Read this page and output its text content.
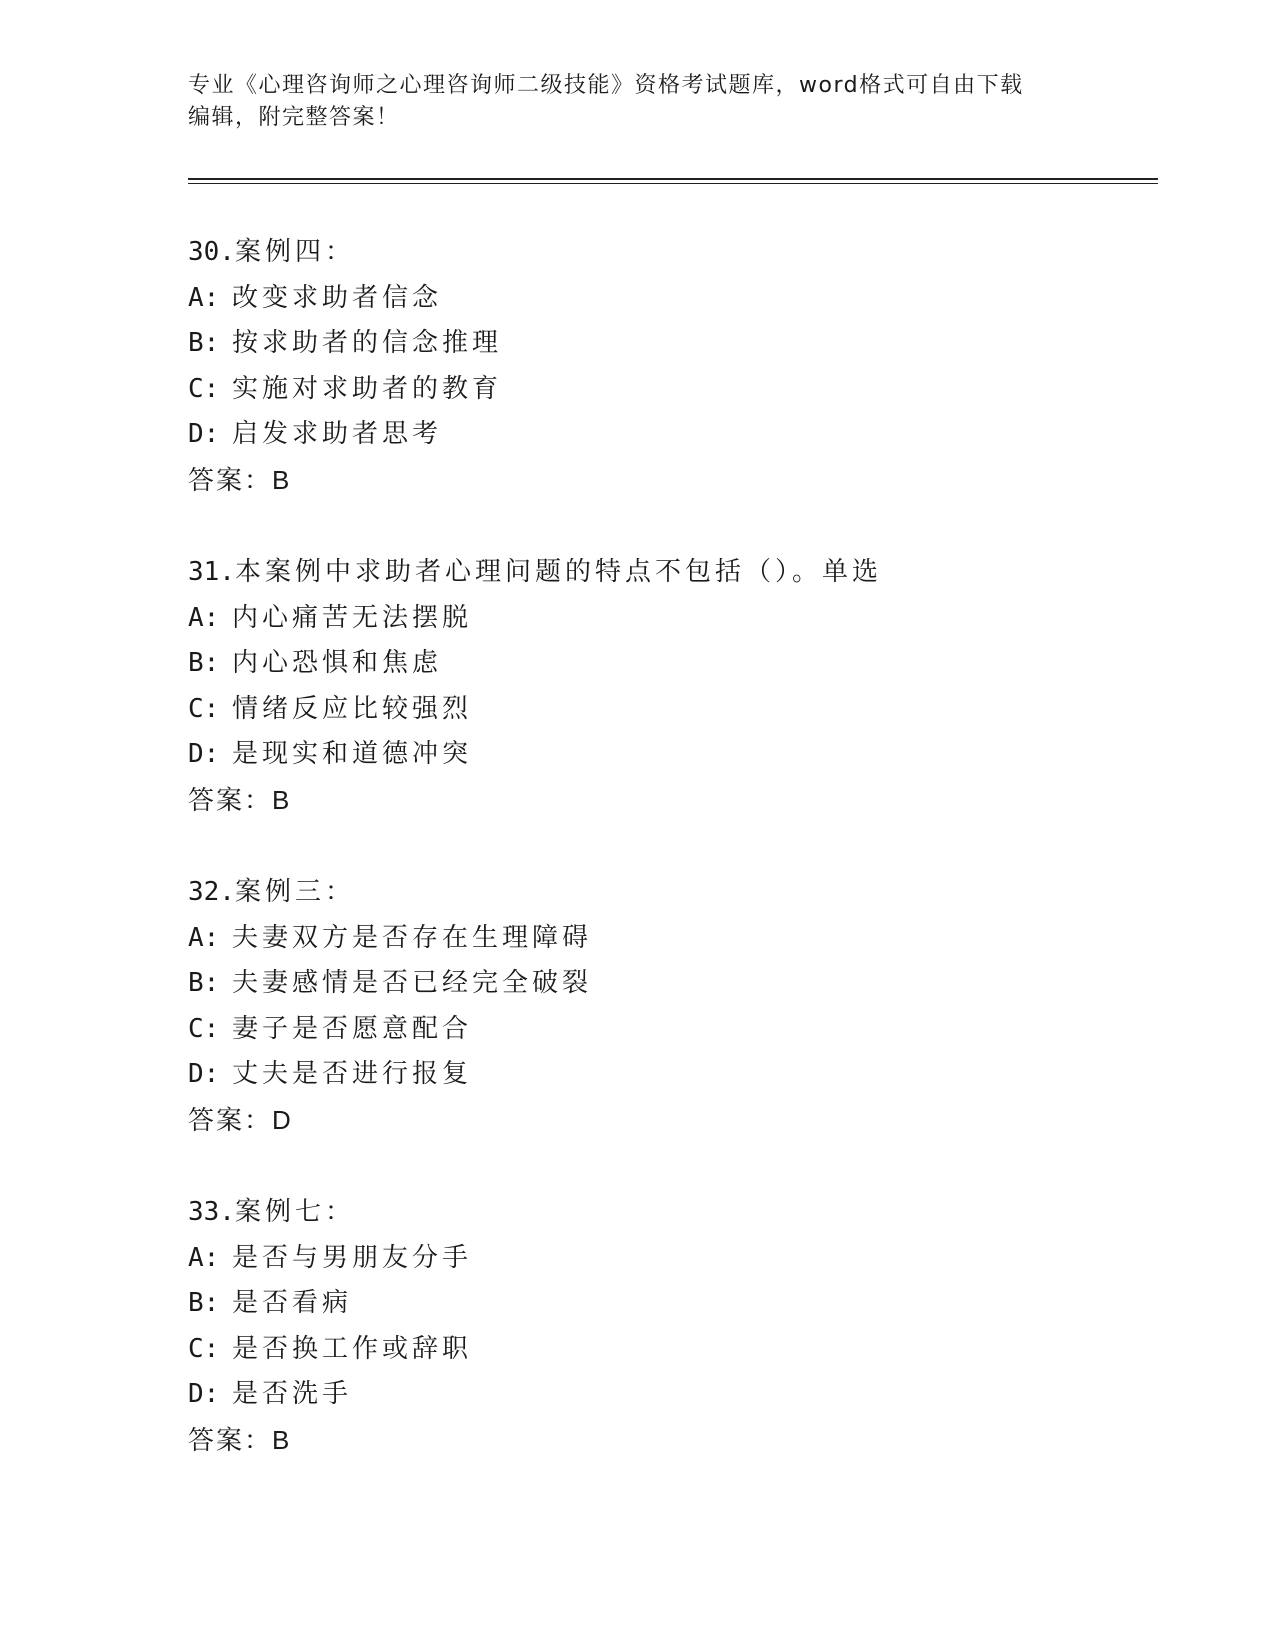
专业《心理咨询师之心理咨询师二级技能》资格考试题库，word格式可自由下载
编辑，附完整答案！
30.案例四：
A: 改变求助者信念
B: 按求助者的信念推理
C: 实施对求助者的教育
D: 启发求助者思考
答案：B
31.本案例中求助者心理问题的特点不包括（）。单选
A: 内心痛苦无法摆脱
B: 内心恐惧和焦虑
C: 情绪反应比较强烈
D: 是现实和道德冲突
答案：B
32.案例三：
A: 夫妻双方是否存在生理障碍
B: 夫妻感情是否已经完全破裂
C: 妻子是否愿意配合
D: 丈夫是否进行报复
答案：D
33.案例七：
A: 是否与男朋友分手
B: 是否看病
C: 是否换工作或辞职
D: 是否洗手
答案：B
